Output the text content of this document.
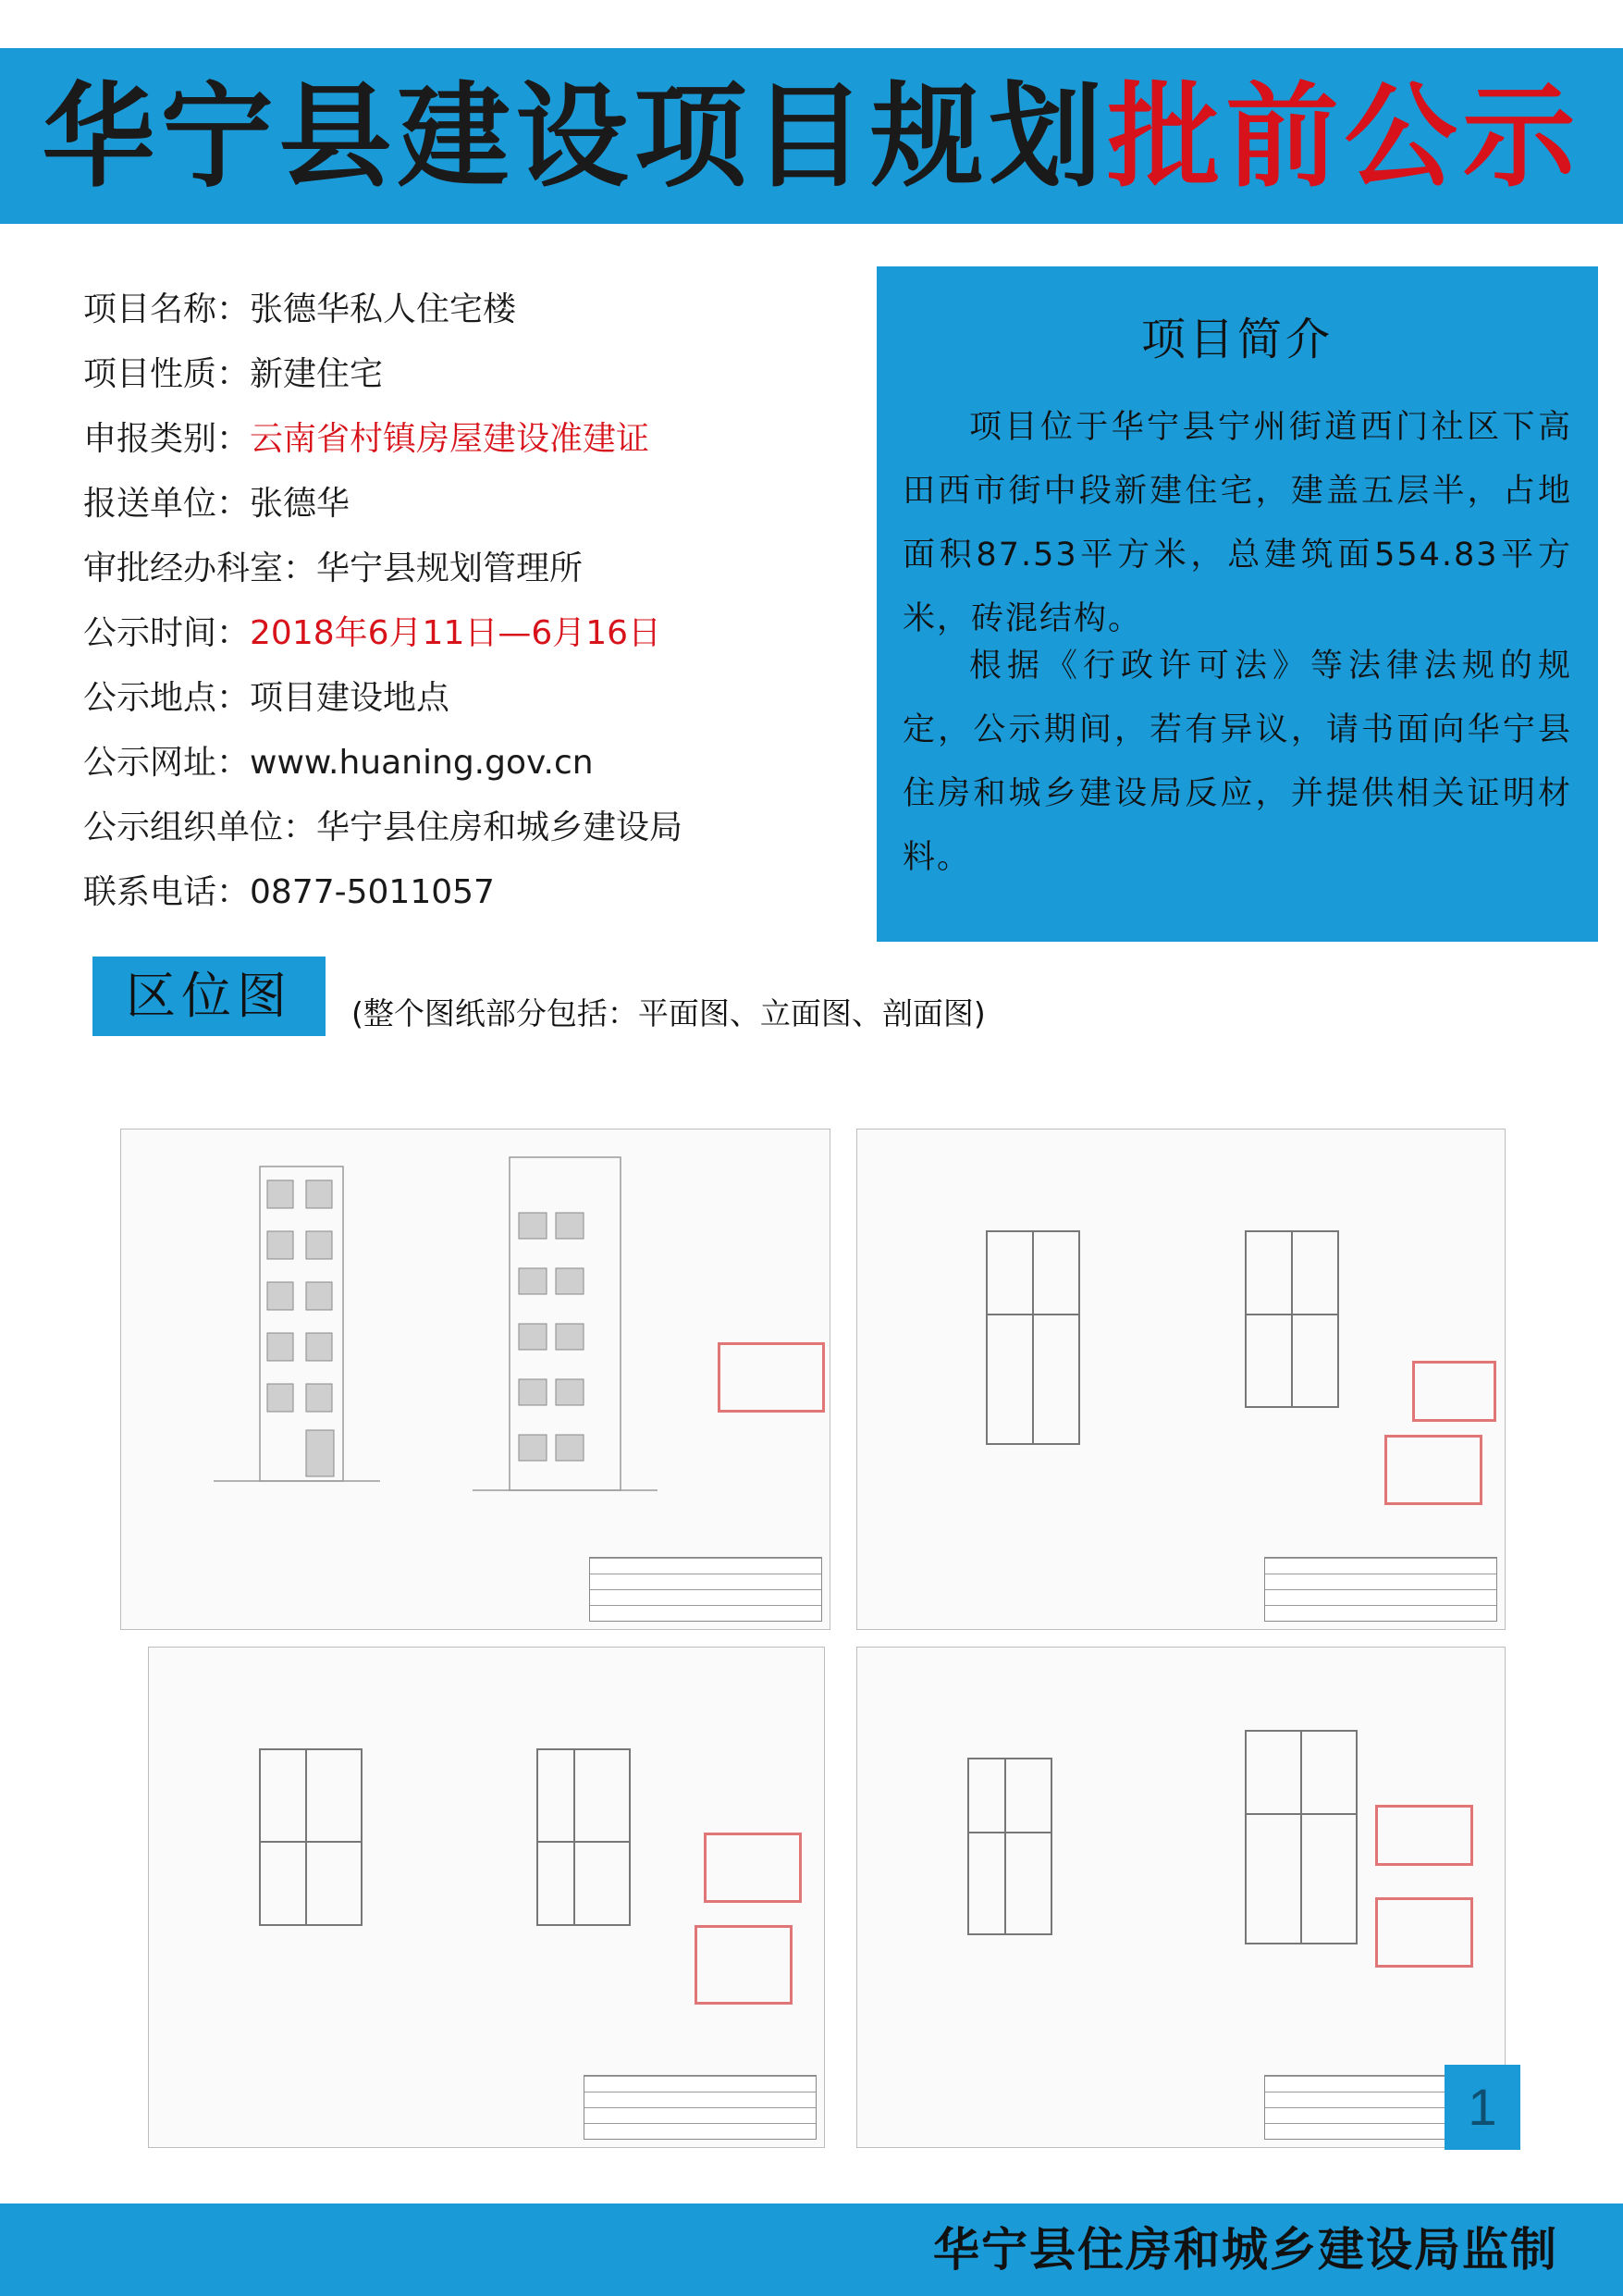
华宁县建设项目规划批前公示
项目名称：张德华私人住宅楼
项目性质：新建住宅
申报类别：云南省村镇房屋建设准建证
报送单位：张德华
审批经办科室：华宁县规划管理所
公示时间：2018年6月11日—6月16日
公示地点：项目建设地点
公示网址：www.huaning.gov.cn
公示组织单位：华宁县住房和城乡建设局
联系电话：0877-5011057
项目简介
项目位于华宁县宁州街道西门社区下高田西市街中段新建住宅，建盖五层半，占地面积87.53平方米，总建筑面554.83平方米，砖混结构。
根据《行政许可法》等法律法规的规定，公示期间，若有异议，请书面向华宁县住房和城乡建设局反应，并提供相关证明材料。
区位图	(整个图纸部分包括：平面图、立面图、剖面图)
1
华宁县住房和城乡建设局监制
